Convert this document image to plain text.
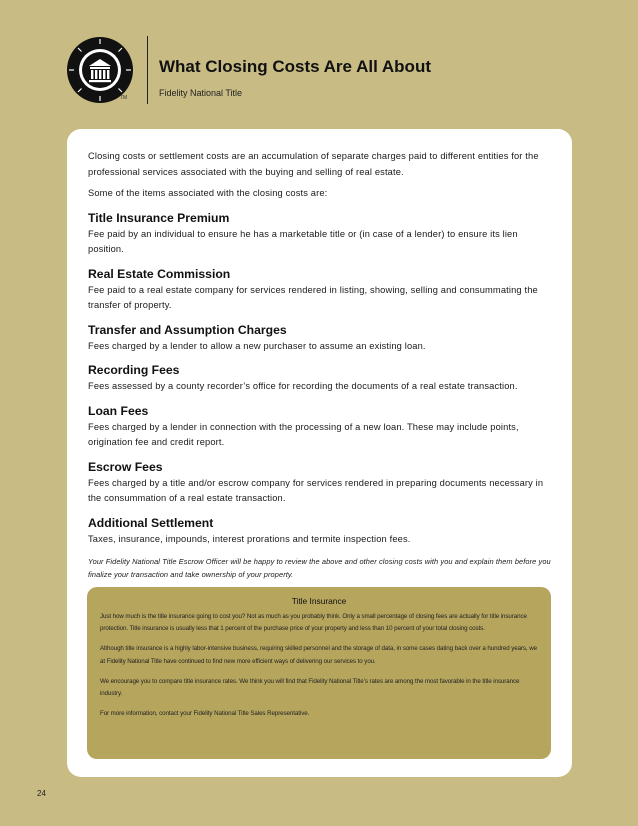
TM
What Closing Costs Are All About
Fidelity National Title

Closing costs or settlement costs are an accumulation of separate charges paid to different entities for the professional services associated with the buying and selling of real estate.

Some of the items associated with the closing costs are:

Title Insurance Premium

Fee paid by an individual to ensure he has a marketable title or (in case of a lender) to ensure its lien position.

Real Estate Commission

Fee paid to a real estate company for services rendered in listing, showing, selling and consummating the transfer of property.

Transfer and Assumption Charges

Fees charged by a lender to allow a new purchaser to assume an existing loan.

Recording Fees

Fees assessed by a county recorder’s office for recording the documents of a real estate transaction.

Loan Fees

Fees charged by a lender in connection with the processing of a new loan. These may include points, origination fee and credit report.

Escrow Fees

Fees charged by a title and/or escrow company for services rendered in preparing documents necessary in the consummation of a real estate transaction.

Additional Settlement

Taxes, insurance, impounds, interest prorations and termite inspection fees.

Your Fidelity National Title Escrow Officer will be happy to review the above and other closing costs with you and explain them before you finalize your transaction and take ownership of your property.

Title Insurance

Just how much is the title insurance going to cost you? Not as much as you probably think. Only a small percentage of closing fees are actually for title insurance protection. Title insurance is usually less that 1 percent of the purchase price of your property and less than 10 percent of your total closing costs.

Although title insurance is a highly labor-intensive business, requiring skilled personnel and the storage of data, in some cases dating back over a hundred years, we at Fidelity National Title have continued to find new more efficient ways of delivering our services to you.

We encourage you to compare title insurance rates. We think you will find that Fidelity National Title’s rates are among the most favorable in the title insurance industry.

For more information, contact your Fidelity National Title Sales Representative.

24
